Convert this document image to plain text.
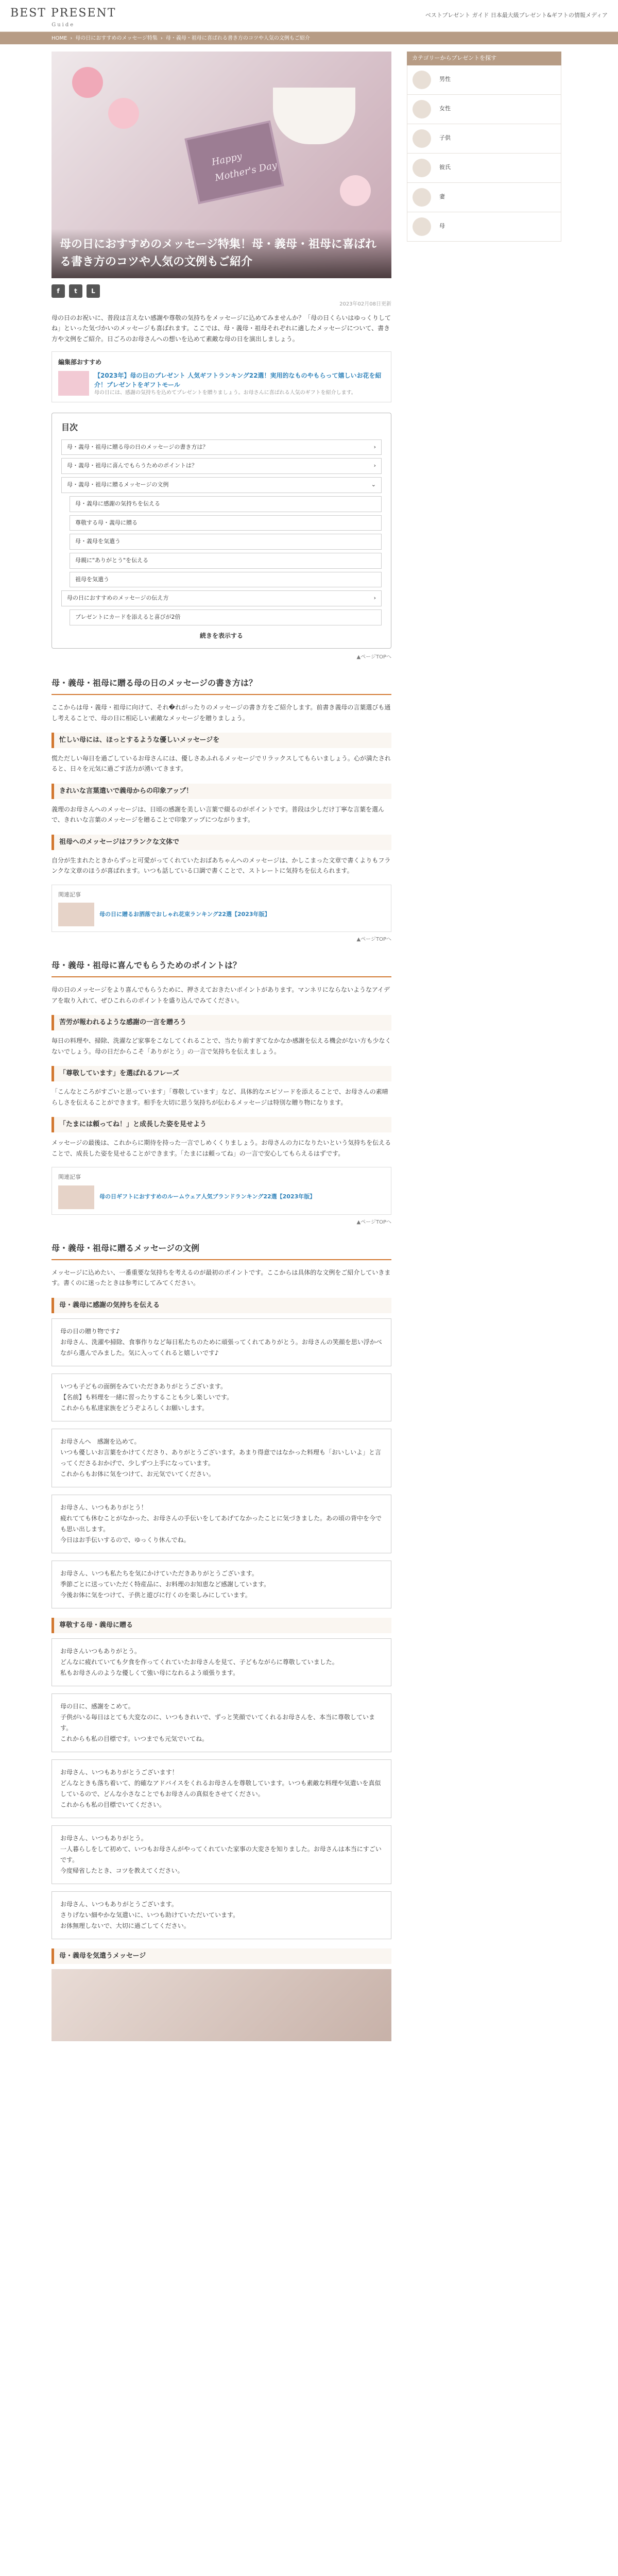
BEST PRESENT
Guide
ベストプレゼント ガイド 日本最大級プレゼント&ギフトの情報メディア
HOME › 母の日におすすめのメッセージ特集 › 母・義母・祖母に喜ばれる書き方のコツや人気の文例もご紹介
Happy Mother's Day
母の日におすすめのメッセージ特集！母・義母・祖母に喜ばれる書き方のコツや人気の文例もご紹介
f	t	L
2023年02月08日更新

母の日のお祝いに、普段は言えない感謝や尊敬の気持ちをメッセージに込めてみませんか？「母の日くらいはゆっくりしてね」といった気づかいのメッセージも喜ばれます。ここでは、母・義母・祖母それぞれに適したメッセージについて、書き方や文例をご紹介。日ごろのお母さんへの想いを込めて素敵な母の日を演出しましょう。

編集部おすすめ
【2023年】母の日のプレゼント 人気ギフトランキング22選！実用的なものやもらって嬉しいお花を紹介！プレゼントをギフトモール
母の日には、感謝の気持ちを込めてプレゼントを贈りましょう。お母さんに喜ばれる人気のギフトを紹介します。
目次
母・義母・祖母に贈る母の日のメッセージの書き方は？	›
母・義母・祖母に喜んでもらうためのポイントは？	›
母・義母・祖母に贈るメッセージの文例	⌄
母・義母に感謝の気持ちを伝える
尊敬する母・義母に贈る
母・義母を気遣う
母親に"ありがとう"を伝える
祖母を気遣う
母の日におすすめのメッセージの伝え方	›
プレゼントにカードを添えると喜びが2倍
続きを表示する
▲ページTOPへ
母・義母・祖母に贈る母の日のメッセージの書き方は？

ここからは母・義母・祖母に向けて、それ�れがったりのメッセージの書き方をご紹介します。前書き義母の言葉選びも通し考えることで、母の日に相応しい素敵なメッセージを贈りましょう。

忙しい母には、ほっとするような優しいメッセージを

慌ただしい毎日を過ごしているお母さんには、優しさあふれるメッセージでリラックスしてもらいましょう。心が満たされると、日々を元気に過ごす活力が湧いてきます。

きれいな言葉遣いで義母からの印象アップ！

義理のお母さんへのメッセージは、日頃の感謝を美しい言葉で綴るのがポイントです。普段は少しだけ丁寧な言葉を選んで、きれいな言葉のメッセージを贈ることで印象アップにつながります。

祖母へのメッセージはフランクな文体で

自分が生まれたときからずっと可愛がってくれていたおばあちゃんへのメッセージは、かしこまった文章で書くよりもフランクな文章のほうが喜ばれます。いつも話している口調で書くことで、ストレートに気持ちを伝えられます。

関連記事
母の日に贈るお洒落でおしゃれ花束ランキング22選【2023年版】
▲ページTOPへ
母・義母・祖母に喜んでもらうためのポイントは？

母の日のメッセージをより喜んでもらうために、押さえておきたいポイントがあります。マンネリにならないようなアイデアを取り入れて、ぜひこれらのポイントを盛り込んでみてください。

苦労が報われるような感謝の一言を贈ろう

毎日の料理や、掃除、洗濯など家事をこなしてくれることで、当たり前すぎてなかなか感謝を伝える機会がない方も少なくないでしょう。母の日だからこそ「ありがとう」の一言で気持ちを伝えましょう。

「尊敬しています」を選ばれるフレーズ

「こんなところがすごいと思っています」「尊敬しています」など、具体的なエピソードを添えることで、お母さんの素晴らしさを伝えることができます。相手を大切に思う気持ちが伝わるメッセージは特別な贈り物になります。

「たまには頼ってね！」と成長した姿を見せよう

メッセージの最後は、これからに期待を持った一言でしめくくりましょう。お母さんの力になりたいという気持ちを伝えることで、成長した姿を見せることができます。「たまには頼ってね」の一言で安心してもらえるはずです。

関連記事
母の日ギフトにおすすめのルームウェア人気ブランドランキング22選【2023年版】
▲ページTOPへ
母・義母・祖母に贈るメッセージの文例

メッセージに込めたい、一番重要な気持ちを考えるのが最初のポイントです。ここからは具体的な文例をご紹介していきます。書くのに迷ったときは参考にしてみてください。

母・義母に感謝の気持ちを伝える
母の日の贈り物です♪
お母さん、洗濯や掃除、食事作りなど毎日私たちのために頑張ってくれてありがとう。お母さんの笑顔を思い浮かべながら選んでみました。気に入ってくれると嬉しいです♪
いつも子どもの面倒をみていただきありがとうございます。
【名前】も料理を一緒に習ったりすることも少し楽しいです。
これからも私達家族をどうぞよろしくお願いします。
お母さんへ　感謝を込めて。
いつも優しいお言葉をかけてくださり、ありがとうございます。あまり得意ではなかった料理も「おいしいよ」と言ってくださるおかげで、少しずつ上手になっています。
これからもお体に気をつけて、お元気でいてください。
お母さん、いつもありがとう！
疲れてても休むことがなかった、お母さんの手伝いをしてあげてなかったことに気づきました。あの頃の背中を今でも思い出します。
今日はお手伝いするので、ゆっくり休んでね。
お母さん、いつも私たちを気にかけていただきありがとうございます。
季節ごとに送っていただく特産品に、お料理のお知恵など感謝しています。
今後お体に気をつけて、子供と遊びに行くのを楽しみにしています。
尊敬する母・義母に贈る
お母さんいつもありがとう。
どんなに疲れていても夕食を作ってくれていたお母さんを見て、子どもながらに尊敬していました。
私もお母さんのような優しくて強い母になれるよう頑張ります。
母の日に、感謝をこめて。
子供がいる毎日はとても大変なのに、いつもきれいで、ずっと笑顔でいてくれるお母さんを、本当に尊敬しています。
これからも私の目標です。いつまでも元気でいてね。
お母さん、いつもありがとうございます！
どんなときも落ち着いて、的確なアドバイスをくれるお母さんを尊敬しています。いつも素敵な料理や気遣いを真似しているので、どんな小さなことでもお母さんの真似をさせてください。
これからも私の目標でいてください。
お母さん、いつもありがとう。
一人暮らしをして初めて、いつもお母さんがやってくれていた家事の大変さを知りました。お母さんは本当にすごいです。
今度帰省したとき、コツを教えてください。
お母さん、いつもありがとうございます。
さりげない細やかな気遣いに、いつも助けていただいています。
お体無理しないで、大切に過ごしてください。
母・義母を気遣うメッセージ
カテゴリーからプレゼントを探す
男性
女性
子供
彼氏
妻
母
